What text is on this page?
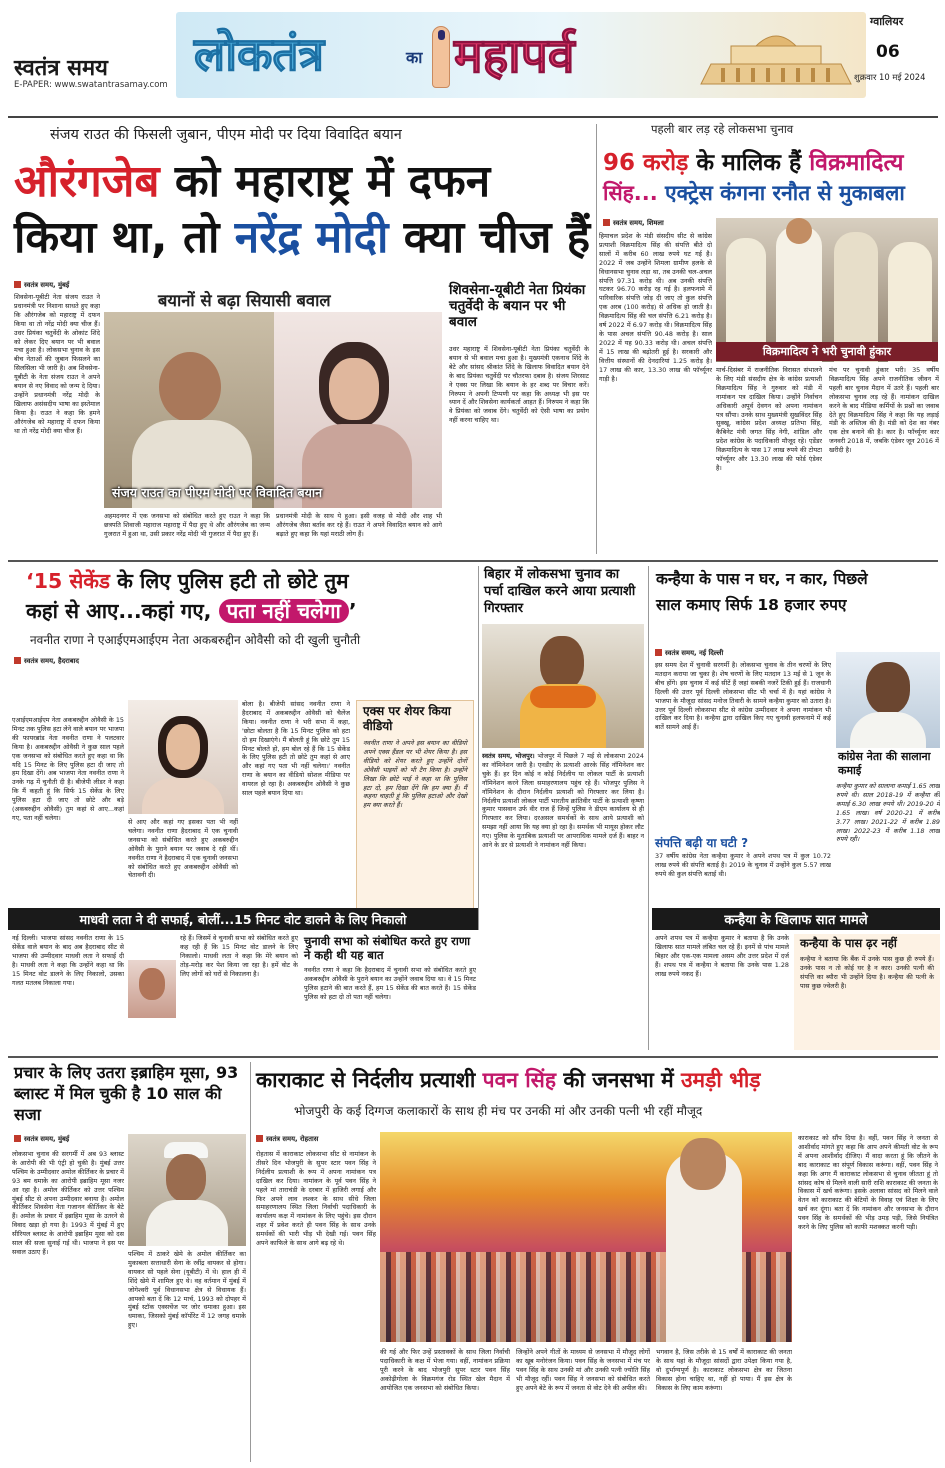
स्वतंत्र समय
E-PAPER: www.swatantrasamay.com
लोकतंत्र	का महापर्व
ग्वालियर
06
शुक्रवार 10 मई 2024
संजय राउत की फिसली जुबान, पीएम मोदी पर दिया विवादित बयान
औरंगजेब को महाराष्ट्र में दफन
किया था, तो नरेंद्र मोदी क्या चीज हैं
स्वतंत्र समय, मुंबई
शिवसेना-यूबीटी नेता संजय राउत ने प्रधानमंत्री पर निशाना साधते हुए कहा कि औरंगजेब को महाराष्ट्र में दफन किया था तो नरेंद्र मोदी क्या चीज हैं। उधर प्रियंका चतुर्वेदी के ओकांट शिंदे को लेकर दिए बयान पर भी बवाल मचा हुआ है। लोकसभा चुनाव के इस बीच नेताओं की जुबान फिसलने का सिलसिला भी जारी है। अब शिवसेना-यूबीटी के नेता संजय राउत ने अपने बयान से नए विवाद को जन्म दे दिया। उन्होंने प्रधानमंत्री नरेंद्र मोदी के खिलाफ असंसदीय भाषा का इस्तेमाल किया है। राउत ने कहा कि हमने औरंगजेब को महाराष्ट्र में दफन किया था तो नरेंद्र मोदी क्या चीज हैं।
बयानों से बढ़ा सियासी बवाल
संजय राउत का पीएम मोदी पर विवादित बयान
अहमदनगर में एक जनसभा को संबोधित करते हुए राउत ने कहा कि छत्रपति शिवाजी महाराज महाराष्ट्र में पैदा हुए थे और औरंगजेब का जन्म गुजरात में हुआ था, उसी प्रकार नरेंद्र मोदी भी गुजरात में पैदा हुए हैं।
प्रधानमंत्री मोदी के साथ ये हुआ। इसी वजह से मोदी और शाह भी औरंगजेब जैसा बर्ताव कर रहे हैं। राउत ने अपने विवादित बयान को आगे बढ़ाते हुए कहा कि यहां मराठी लोग हैं।
शिवसेना-यूबीटी नेता प्रियंका चतुर्वेदी के बयान पर भी बवाल
उधर महाराष्ट्र में शिवसेना-यूबीटी नेता प्रियंका चतुर्वेदी के बयान से भी बवाल मचा हुआ है। मुख्यमंत्री एकनाथ शिंदे के बेटे और सांसद श्रीकांत शिंदे के खिलाफ विवादित बयान देने के बाद प्रियंका चतुर्वेदी पर चौतरफा दबाव है। संजय शिरसाट ने एक्स पर लिखा कि बयान के हर शब्द पर विचार करें। निरुपम ने अपनी टिप्पणी पर कहा कि अध्यक्ष भी इस पर ध्यान दें और शिवसेना कार्यकर्ता आहत हैं। निरुपम ने कहा कि वे प्रियंका को जवाब देंगे। चतुर्वेदी को ऐसी भाषा का प्रयोग नहीं करना चाहिए था।
पहली बार लड़ रहे लोकसभा चुनाव
96 करोड़ के मालिक हैं विक्रमादित्य
सिंह... एक्ट्रेस कंगना रनौत से मुकाबला
स्वतंत्र समय, शिमला
हिमाचल प्रदेश के मंडी संसदीय सीट से कांग्रेस प्रत्याशी विक्रमादित्य सिंह की संपत्ति बीते दो सालों में करीब 60 लाख रुपये घट गई है। 2022 में जब उन्होंने शिमला ग्रामीण हलके से विधानसभा चुनाव लड़ा था, तब उनकी चल-अचल संपत्ति 97.31 करोड़ थी। अब उनकी संपत्ति घटकर 96.70 करोड़ रह गई है। हलफनामे में पारिवारिक संपत्ति जोड़ दी जाए तो कुल संपत्ति एक अरब (100 करोड़) से अधिक हो जाती है। विक्रमादित्य सिंह की चल संपत्ति 6.21 करोड़ है। वर्ष 2022 में 6.97 करोड़ थी। विक्रमादित्य सिंह के पास अचल संपत्ति 90.48 करोड़ है। साल 2022 में यह 90.33 करोड़ थी। अचल संपत्ति में 15 लाख की बढ़ोतरी हुई है। सरकारी और वित्तीय संस्थानों की देनदारियां 1.25 करोड़ है। 17 लाख की कार, 13.30 लाख की फॉर्च्यूनर गाड़ी है।
विक्रमादित्य ने भरी चुनावी हुंकार
मार्च-दिसंबर में राजनीतिक विरासत संभालने के लिए मंडी संसदीय क्षेत्र के कांग्रेस प्रत्याशी विक्रमादित्य सिंह ने गुरुवार को मंडी में नामांकन पत्र दाखिल किया। उन्होंने निर्वाचन अधिकारी अपूर्व देवगन को अपना नामांकन पत्र सौंपा। उनके साथ मुख्यमंत्री सुखविंदर सिंह सुक्खू, कांग्रेस प्रदेश अध्यक्ष प्रतिभा सिंह, कैबिनेट मंत्री जगत सिंह नेगी, शांडिल और प्रदेश कांग्रेस के पदाधिकारी मौजूद रहे। एडेंडर विक्रमादित्य के पास 17 लाख रुपये की टोयटा फॉर्च्यूनर और 13.30 लाख की फोर्ड एंडेवर है।
मंच पर चुनावी हुंकार भरी। 35 वर्षीय विक्रमादित्य सिंह अपने राजनीतिक जीवन में पहली बार चुनाव मैदान में उतरे हैं। पहली बार लोकसभा चुनाव लड़ रहे हैं। नामांकन दाखिल करने के बाद मीडिया कर्मियों के प्रश्नों का जवाब देते हुए विक्रमादित्य सिंह ने कहा कि यह लड़ाई मंडी के अस्तित्व की है। मंडी को देश का नंबर एक क्षेत्र बनाने की है। कार है। फॉर्च्यूनर कार जनवरी 2018 में, जबकि एंडेवर जून 2016 में खरीदी है।
‘15 सेकेंड के लिए पुलिस हटी तो छोटे तुम
कहां से आए...कहां गए, पता नहीं चलेगा ’
नवनीत राणा ने एआईएमआईएम नेता अकबरुद्दीन ओवैसी को दी खुली चुनौती
स्वतंत्र समय, हैदराबाद
एआईएमआईएम नेता अकबरुद्दीन ओवैसी के 15 मिनट तक पुलिस हटा लेने वाले बयान पर भाजपा की फायरब्रांड नेता नवनीत राणा ने पलटवार किया है। अकबरुद्दीन ओवैसी ने कुछ साल पहले एक जनसभा को संबोधित करते हुए कहा था कि यदि 15 मिनट के लिए पुलिस हटा दी जाए तो हम दिखा देंगे। अब भाजपा नेता नवनीत राणा ने उनके गढ़ में चुनौती दी है। बीजेपी लीडर ने कहा कि मैं कहती हूं कि सिर्फ 15 सेकेंड के लिए पुलिस हटा दी जाए तो छोटे और बड़े (अकबरुद्दीन ओवैसी) तुम कहां से आए...कहां गए, पता नहीं चलेगा।
से आए और कहां गए इसका पता भी नहीं चलेगा। नवनीत राणा हैदराबाद में एक चुनावी जनसभा को संबोधित करते हुए अकबरुद्दीन ओवैसी के पुराने बयान पर जवाब दे रही थीं। नवनीत राणा ने हैदराबाद में एक चुनावी जनसभा को संबोधित करते हुए अकबरुद्दीन ओवैसी को चेतावनी दी।
बोला है। बीजेपी सांसद नवनीत राणा ने हैदराबाद में अकबरुद्दीन ओवैसी को चैलेंज किया। नवनीत राणा ने भरी सभा में कहा, 'छोटा बोलता है कि 15 मिनट पुलिस को हटा दो हम दिखाएंगे। मैं बोलती हूं कि छोटे तुम 15 मिनट बोलते हो, हम बोल रहे हैं कि 15 सेकेंड के लिए पुलिस हटी तो छोटे तुम कहां से आए और कहां गए पता भी नहीं चलेगा।' नवनीत राणा के बयान का वीडियो सोशल मीडिया पर वायरल हो रहा है। अकबरुद्दीन ओवैसी ने कुछ साल पहले बयान दिया था।
एक्स पर शेयर किया वीडियो
नवनीत राणा ने अपने इस बयान का वीडियो अपने एक्स हैंडल पर भी शेयर किया है। इस वीडियो को शेयर करते हुए उन्होंने दोनों ओवैसी भाइयों को भी टैग किया है। उन्होंने लिखा कि छोटे भाई ने कहा था कि पुलिस हटा दो, हम दिखा देंगे कि हम क्या हैं। मैं कहना चाहती हूं कि पुलिस हटाओ और देखो हम क्या करते हैं।
माधवी लता ने दी सफाई, बोलीं...15 मिनट वोट डालने के लिए निकालो
नई दिल्ली। भाजपा सांसद नवनीत राणा के 15 सेकेंड वाले बयान के बाद अब हैदराबाद सीट से भाजपा की उम्मीदवार माधवी लता ने सफाई दी है। माधवी लता ने कहा कि उन्होंने कहा था कि 15 मिनट वोट डालने के लिए निकालो, उसका गलत मतलब निकाला गया।
रहे हैं। जिसमें वे चुनावी सभा को संबोधित करते हुए कह रही हैं कि 15 मिनट वोट डालने के लिए निकालो। माधवी लता ने कहा कि मेरे बयान को तोड़-मरोड़ कर पेश किया जा रहा है। हमें वोट के लिए लोगों को घरों से निकालना है।
चुनावी सभा को संबोधित करते हुए राणा ने कही थी यह बात
नवनीत राणा ने कहा कि हैदराबाद में चुनावी सभा को संबोधित करते हुए अकबरुद्दीन ओवैसी के पुराने बयान का उन्होंने जवाब दिया था। वे 15 मिनट पुलिस हटाने की बात करते हैं, हम 15 सेकेंड की बात करते हैं। 15 सेकेंड पुलिस को हटा दो तो पता नहीं चलेगा।
बिहार में लोकसभा चुनाव का पर्चा दाखिल करने आया प्रत्याशी गिरफ्तार
स्वतंत्र समय, भोजपुर। भोजपुर में पिछले 7 मई से लोकसभा 2024 का नॉमिनेशन जारी है। एनडीए के प्रत्याशी आरके सिंह नॉमिनेशन कर चुके हैं। हर दिन कोई न कोई निर्दलीय या लोकल पार्टी के प्रत्याशी नॉमिनेशन करने जिला समाहरणालय पहुंच रहे हैं। भोजपुर पुलिस ने नॉमिनेशन के दौरान निर्दलीय प्रत्याशी को गिरफ्तार कर लिया है। निर्दलीय प्रत्याशी लोकल पार्टी भारतीय क्रांतिवीर पार्टी के प्रत्याशी कृष्णा कुमार पासवान उर्फ वीर राज हैं जिन्हें पुलिस ने डीएम कार्यालय से ही गिरफ्तार कर लिया। दरअसल समर्थकों के साथ आये प्रत्याशी को समझा नहीं आया कि यह क्या हो रहा है। समर्थक भी मायूस होकर लौट गए। पुलिस के मुताबिक प्रत्याशी पर आपराधिक मामले दर्ज हैं। बाहर न आने के डर से प्रत्याशी ने नामांकन नहीं किया।
कन्हैया के पास न घर, न कार, पिछले
साल कमाए सिर्फ 18 हजार रुपए
स्वतंत्र समय, नई दिल्ली
इस समय देश में चुनावी सरगर्मी है। लोकसभा चुनाव के तीन चरणों के लिए मतदान कराया जा चुका है। शेष चरणों के लिए मतदान 13 मई से 1 जून के बीच होंगे। इस चुनाव में कई सीटें हैं जहां सबकी नजरें टिकी हुई हैं। राजधानी दिल्ली की उत्तर पूर्व दिल्ली लोकसभा सीट भी चर्चा में है। यहां कांग्रेस ने भाजपा के मौजूदा सांसद मनोज तिवारी के सामने कन्हैया कुमार को उतारा है। उत्तर पूर्व दिल्ली लोकसभा सीट से कांग्रेस उम्मीदवार ने अपना नामांकन भी दाखिल कर दिया है। कन्हैया द्वारा दाखिल किए गए चुनावी हलफनामे में कई बातें सामने आई हैं।
कांग्रेस नेता की सालाना कमाई
कन्हैया कुमार को सालाना कमाई 1.65 लाख रुपये थी। साल 2018-19 में कन्हैया की कमाई 6.30 लाख रुपये थी। 2019-20 में 1.65 लाख। वर्ष 2020-21 में करीब 3.77 लाख। 2021-22 में करीब 1.89 लाख। 2022-23 में करीब 1.18 लाख रुपये रही।
संपत्ति बढ़ी या घटी ?
37 वर्षीय कांग्रेस नेता कन्हैया कुमार ने अपने शपथ पत्र में कुल 10.72 लाख रुपये की संपत्ति बताई है। 2019 के चुनाव में उन्होंने कुल 5.57 लाख रुपये की कुल संपत्ति बताई थी।
कन्हैया के खिलाफ सात मामले
अपने शपथ पत्र में कन्हैया कुमार ने बताया है कि उनके खिलाफ सात मामले लंबित चल रहे हैं। इनमें से पांच मामले बिहार और एक-एक मामला असम और उत्तर प्रदेश में दर्ज हैं। शपथ पत्र में कन्हैया ने बताया कि उनके पास 1.28 लाख रुपये नकद हैं।
कन्हैया के पास ढ़र नहीं
कन्हैया ने बताया कि बैंक में उनके पास कुछ ही रुपये हैं। उनके पास न तो कोई घर है न कार। उनकी पत्नी की संपत्ति का ब्यौरा भी उन्होंने दिया है। कन्हैया की पत्नी के पास कुछ ज्वेलरी है।
प्रचार के लिए उतरा इब्राहिम मूसा, 93 ब्लास्ट में मिल चुकी है 10 साल की सजा
स्वतंत्र समय, मुंबई
लोकसभा चुनाव की सरगर्मी में अब 93 ब्लास्ट के आरोपी की भी एंट्री हो चुकी है। मुंबई उत्तर पश्चिम के उम्मीदवार अमोल कीर्तिकर के प्रचार में 93 बम धमाके का आरोपी इब्राहिम मूसा नजर आ रहा है। अमोल कीर्तिकर को उत्तर पश्चिम मुंबई सीट से अपना उम्मीदवार बनाया है। अमोल कीर्तिकर शिवसेना नेता गजानन कीर्तिकर के बेटे हैं। अमोल के प्रचार में इब्राहिम मूसा के उतरने से विवाद खड़ा हो गया है। 1993 में मुंबई में हुए सीरियल ब्लास्ट के आरोपी इब्राहिम मूसा को दस साल की सजा सुनाई गई थी। भाजपा ने इस पर सवाल उठाए हैं।	पश्चिम में ठाकरे खेमे के अमोल कीर्तिकर का मुकाबला सत्ताधारी सेना के रवींद्र वायकर से होगा। वायकर सो पहले सेना (यूबीटी) में थे। हाल ही में शिंदे खेमे में शामिल हुए थे। वह वर्तमान में मुंबई में जोगेश्वरी पूर्व विधानसभा क्षेत्र से विधायक हैं। आपको बता दें कि 12 मार्च, 1993 को दोपहर में मुंबई स्टॉक एक्सचेंज पर जोर धमाका हुआ। इस धमाका, जिसको मुंबई कॉर्पोरेट में 12 जगह धमाके हुए।
काराकाट से निर्दलीय प्रत्याशी पवन सिंह की जनसभा में उमड़ी भीड़
भोजपुरी के कई दिग्गज कलाकारों के साथ ही मंच पर उनकी मां और उनकी पत्नी भी रहीं मौजूद
स्वतंत्र समय, रोहतास
रोहतास में काराकाट लोकसभा सीट से नामांकन के तीसरे दिन भोजपुरी के सुपर स्टार पवन सिंह ने निर्दलीय प्रत्याशी के रूप में अपना नामांकन पत्र दाखिल कर दिया। नामांकन के पूर्व पवन सिंह ने पहले मां ताराचंडी के दरबार में हाजिरी लगाई और फिर अपने लाव लश्कर के साथ सीधे जिला समाहरणालय स्थित जिला निर्वाची पदाधिकारी के कार्यालय कक्ष में नामांकन के लिए पहुंचे। इस दौरान शहर में प्रवेश करते ही पवन सिंह के साथ उनके समर्थकों की भारी भीड़ भी देखी गई। पवन सिंह अपने काफिले के साथ आगे बढ़ रहे थे।
की गई और फिर उन्हें प्रस्तावकों के साथ जिला निर्वाची पदाधिकारी के कक्ष में भेजा गया। वहीं, नामांकन प्रक्रिया पूरी करने के बाद भोजपुरी सुपर स्टार पवन सिंह अकोढ़ीगोला के विक्रमगंज रोड स्थित खेल मैदान में आयोजित एक जनसभा को संबोधित किया।
जिन्होंने अपने गीतों के माध्यम से जनसभा में मौजूद लोगों का खूब मनोरंजन किया। पवन सिंह के जनसभा में मंच पर पवन सिंह के साथ उनकी मां और उनकी पत्नी ज्योति सिंह भी मौजूद रहीं। पवन सिंह ने जनसभा को संबोधित करते हुए अपने बेटे के रूप में जनता से वोट देने की अपील की।
भगवान है, जिस तरीके से 15 वर्षों में काराकाट की जनता के साथ यहां के मौजूदा सांसदों द्वारा उपेक्षा किया गया है, वो दुर्भाग्यपूर्ण है। काराकाट लोकसभा क्षेत्र का जितना विकास होना चाहिए था, नहीं हो पाया। मैं इस क्षेत्र के विकास के लिए काम करूंगा।
काराकाट को सौंप दिया है। वहीं, पवन सिंह ने जनता से आशीर्वाद मांगते हुए कहा कि आप अपने कीमती वोट के रूप में अपना आशीर्वाद दीजिए। मैं वादा करता हूं कि जीतने के बाद काराकाट का संपूर्ण विकास करूंगा। वहीं, पवन सिंह ने कहा कि अगर मैं काराकाट लोकसभा से चुनाव जीतता हूं तो सांसद कोष से मिलने वाली सारी राशि काराकाट की जनता के विकास में खर्च करूंगा। इसके अलावा सांसद को मिलने वाले वेतन को काराकाट की बेटियों के विवाह एवं शिक्षा के लिए खर्च कर दूंगा। बता दें कि नामांकन और जनसभा के दौरान पवन सिंह के समर्थकों की भीड़ उमड़ पड़ी, जिसे नियंत्रित करने के लिए पुलिस को काफी मशक्कत करनी पड़ी।
